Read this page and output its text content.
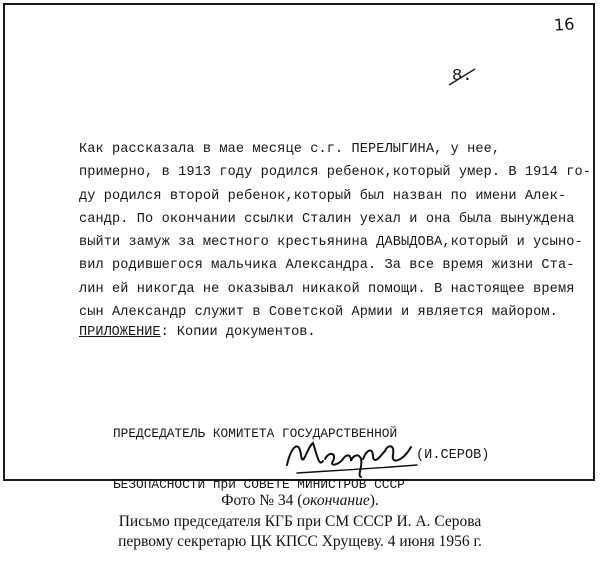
16
8.
Как рассказала в мае месяце с.г. ПЕРЕЛЫГИНА, у нее,
примерно, в 1913 году родился ребенок,который умер. В 1914 го-
ду родился второй ребенок,который был назван по имени Алек-
сандр. По окончании ссылки Сталин уехал и она была вынуждена
выйти замуж за местного крестьянина ДАВЫДОВА,который и усыно-
вил родившегося мальчика Александра. За все время жизни Ста-
лин ей никогда не оказывал никакой помощи. В настоящее время
сын Александр служит в Советской Армии и является майором.
ПРИЛОЖЕНИЕ: Копии документов.

ПРЕДСЕДАТЕЛЬ КОМИТЕТА ГОСУДАРСТВЕННОЙ

БЕЗОПАСНОСТИ при СОВЕТЕ МИНИСТРОВ СССР

(И.СЕРОВ)
Фото № 34 (окончание).
Письмо председателя КГБ при СМ СССР И. А. Серова
первому секретарю ЦК КПСС Хрущеву. 4 июня 1956 г.
